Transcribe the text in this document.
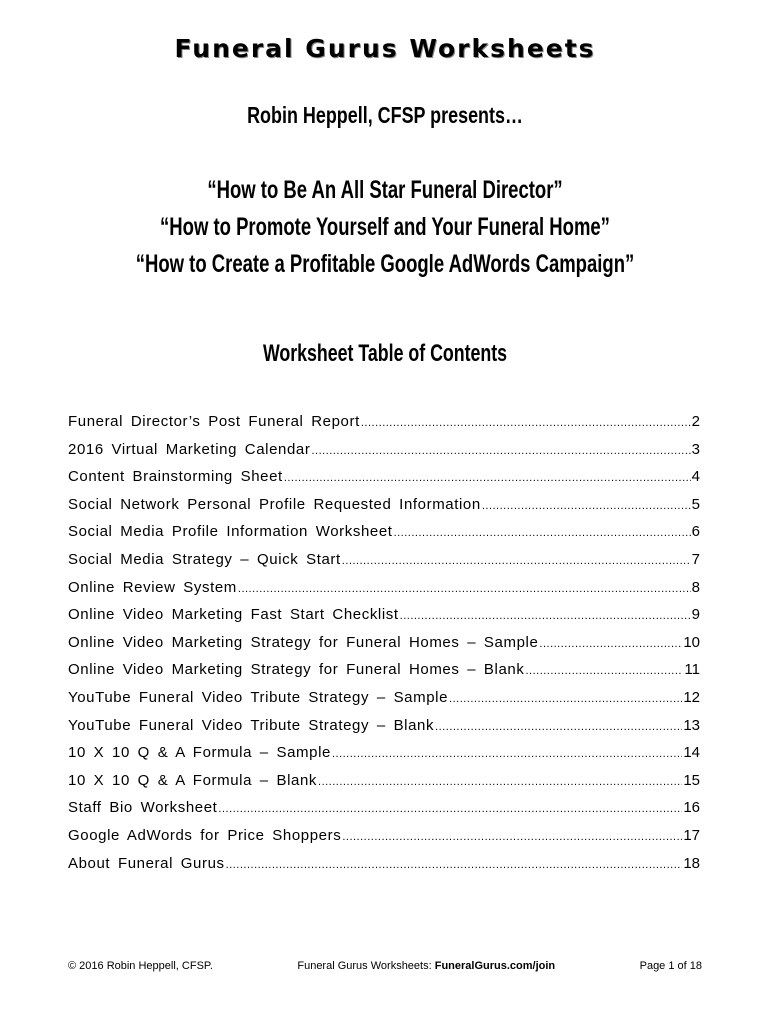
Funeral Gurus Worksheets
Robin Heppell, CFSP presents…
“How to Be An All Star Funeral Director”
“How to Promote Yourself and Your Funeral Home”
“How to Create a Profitable Google AdWords Campaign”
Worksheet Table of Contents
Funeral Director’s Post Funeral Report .....	2
2016 Virtual Marketing Calendar .....	3
Content Brainstorming Sheet .....	4
Social Network Personal Profile Requested Information .....	5
Social Media Profile Information Worksheet .....	6
Social Media Strategy – Quick Start .....	7
Online Review System .....	8
Online Video Marketing Fast Start Checklist .....	9
Online Video Marketing Strategy for Funeral Homes – Sample .....	10
Online Video Marketing Strategy for Funeral Homes – Blank .....	11
YouTube Funeral Video Tribute Strategy – Sample .....	12
YouTube Funeral Video Tribute Strategy – Blank .....	13
10 X 10 Q & A Formula – Sample .....	14
10 X 10 Q & A Formula – Blank .....	15
Staff Bio Worksheet .....	16
Google AdWords for Price Shoppers .....	17
About Funeral Gurus .....	18
© 2016 Robin Heppell, CFSP.	Funeral Gurus Worksheets: FuneralGurus.com/join	Page 1 of 18
